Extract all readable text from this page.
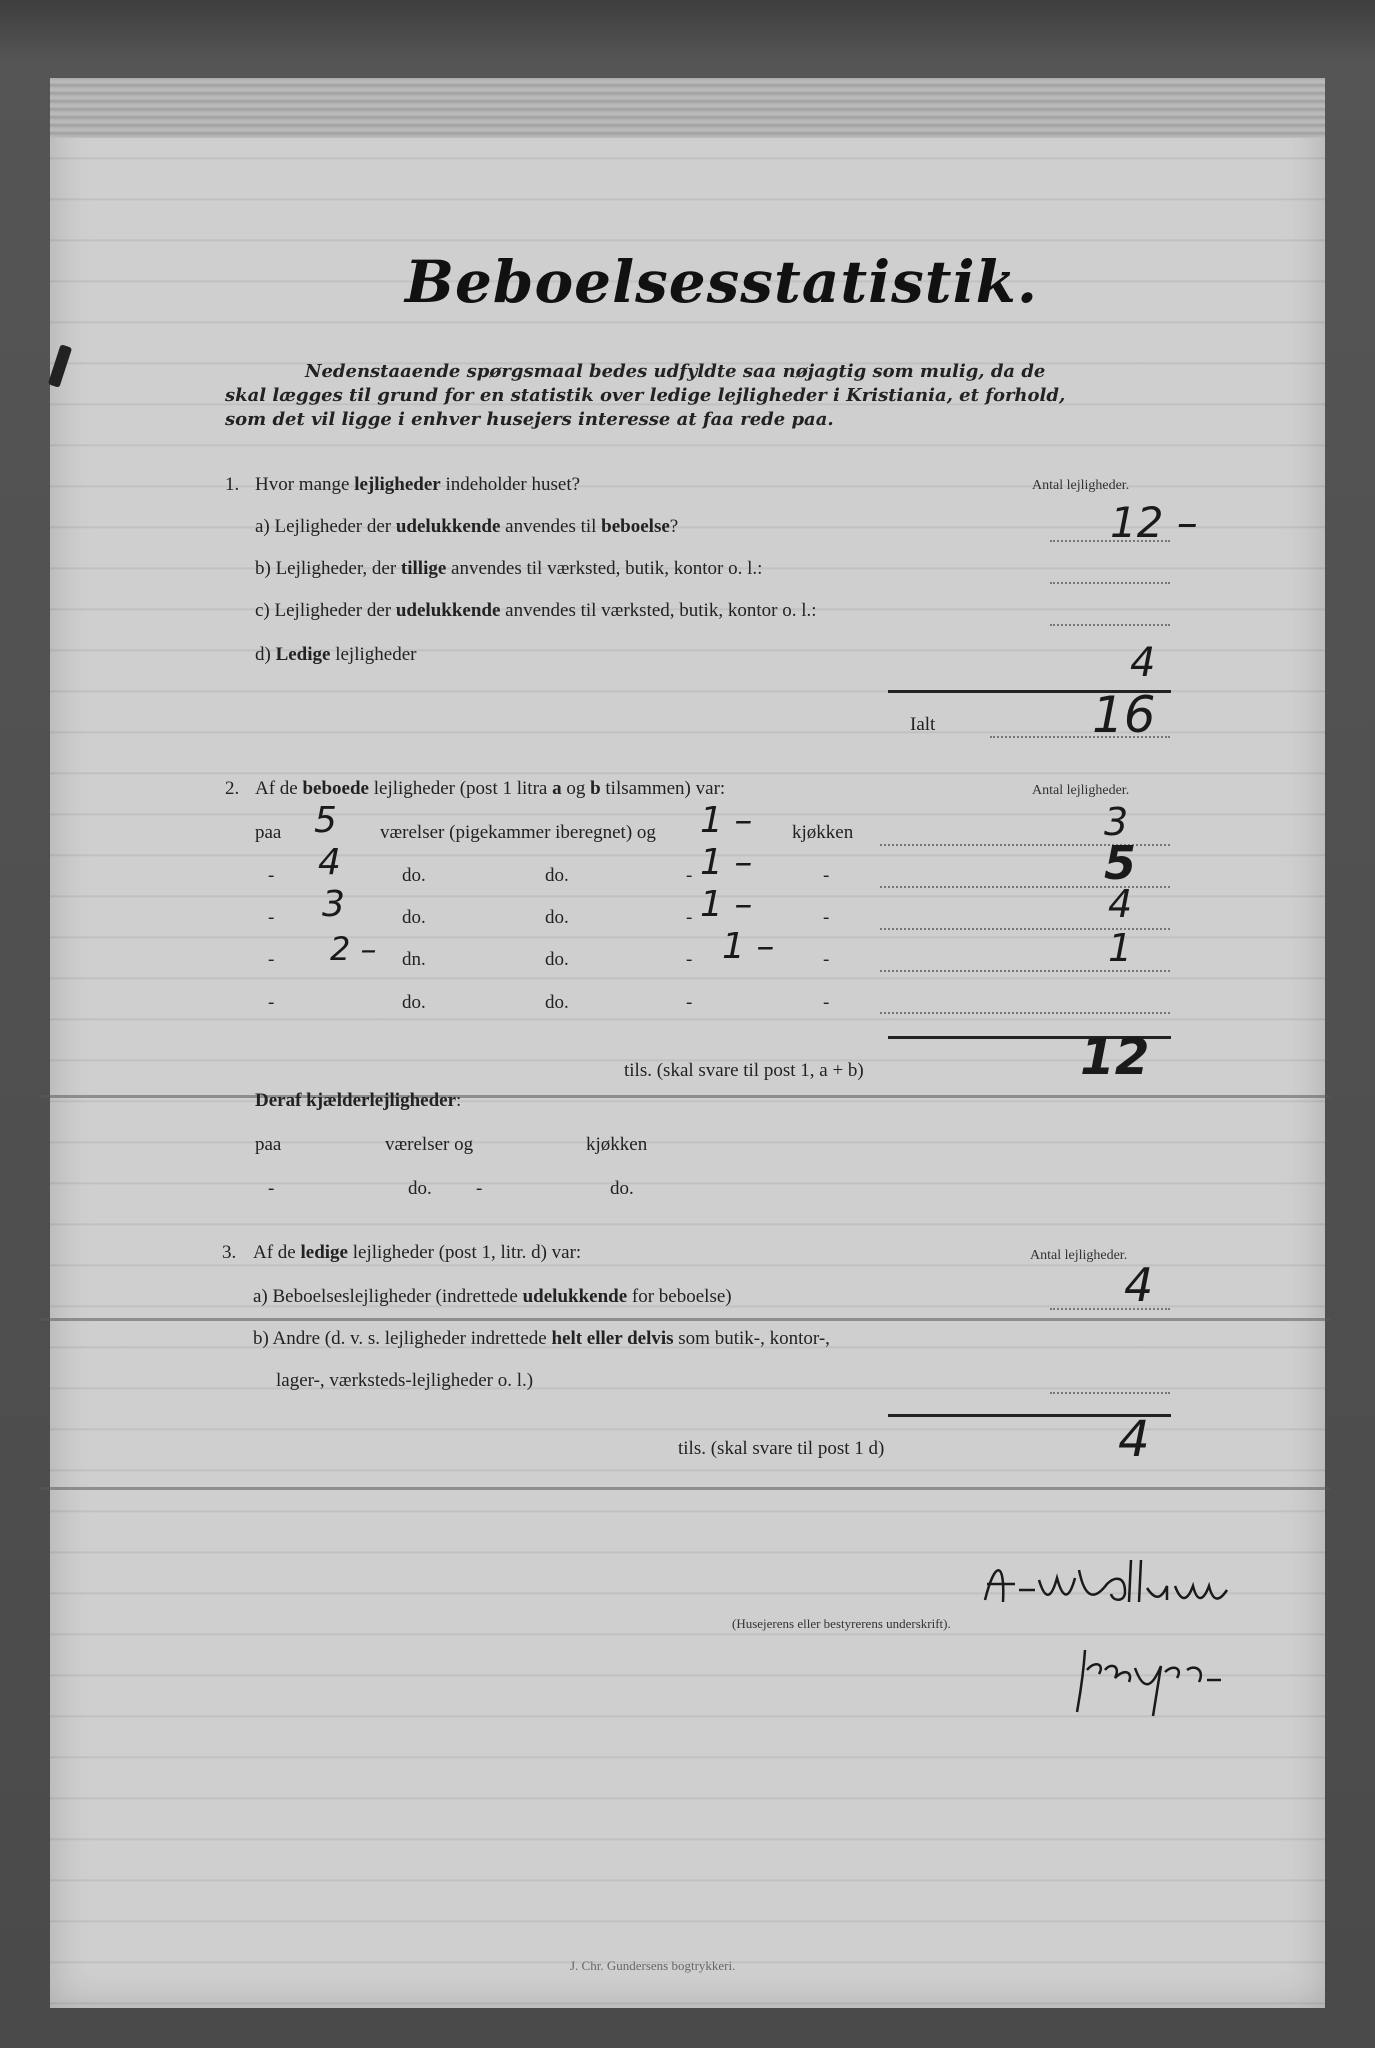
Beboelsesstatistik.
Nedenstaaende spørgsmaal bedes udfyldte saa nøjagtig som mulig, da de
skal lægges til grund for en statistik over ledige lejligheder i Kristiania, et forhold,
som det vil ligge i enhver husejers interesse at faa rede paa.
1. Hvor mange lejligheder indeholder huset?	Antal lejligheder.
a) Lejligheder der udelukkende anvendes til beboelse?	12 –
b) Lejligheder, der tillige anvendes til værksted, butik, kontor o. l.:
c) Lejligheder der udelukkende anvendes til værksted, butik, kontor o. l.:
d) Ledige lejligheder	4
Ialt	16
2. Af de beboede lejligheder (post 1 litra a og b tilsammen) var:	Antal lejligheder.
paa 5 værelser (pigekammer iberegnet) og 1 – kjøkken	3
- 4	do.	do.	- 1 –	-	5
- 3	do.	do.	- 1 –	-	4
- 2 – dn.	do.	- 1 –	-	1
-	do.	do.	-	-
tils. (skal svare til post 1, a + b)	12
Deraf kjælderlejligheder:
paa	værelser og	kjøkken
-	do. -	do.
3. Af de ledige lejligheder (post 1, litr. d) var:	Antal lejligheder.
a) Beboelseslejligheder (indrettede udelukkende for beboelse)	4
b) Andre (d. v. s. lejligheder indrettede helt eller delvis som butik-, kontor-,
lager-, værksteds-lejligheder o. l.)
tils. (skal svare til post 1 d)	4
(Husejerens eller bestyrerens underskrift).
J. Chr. Gundersens bogtrykkeri.
